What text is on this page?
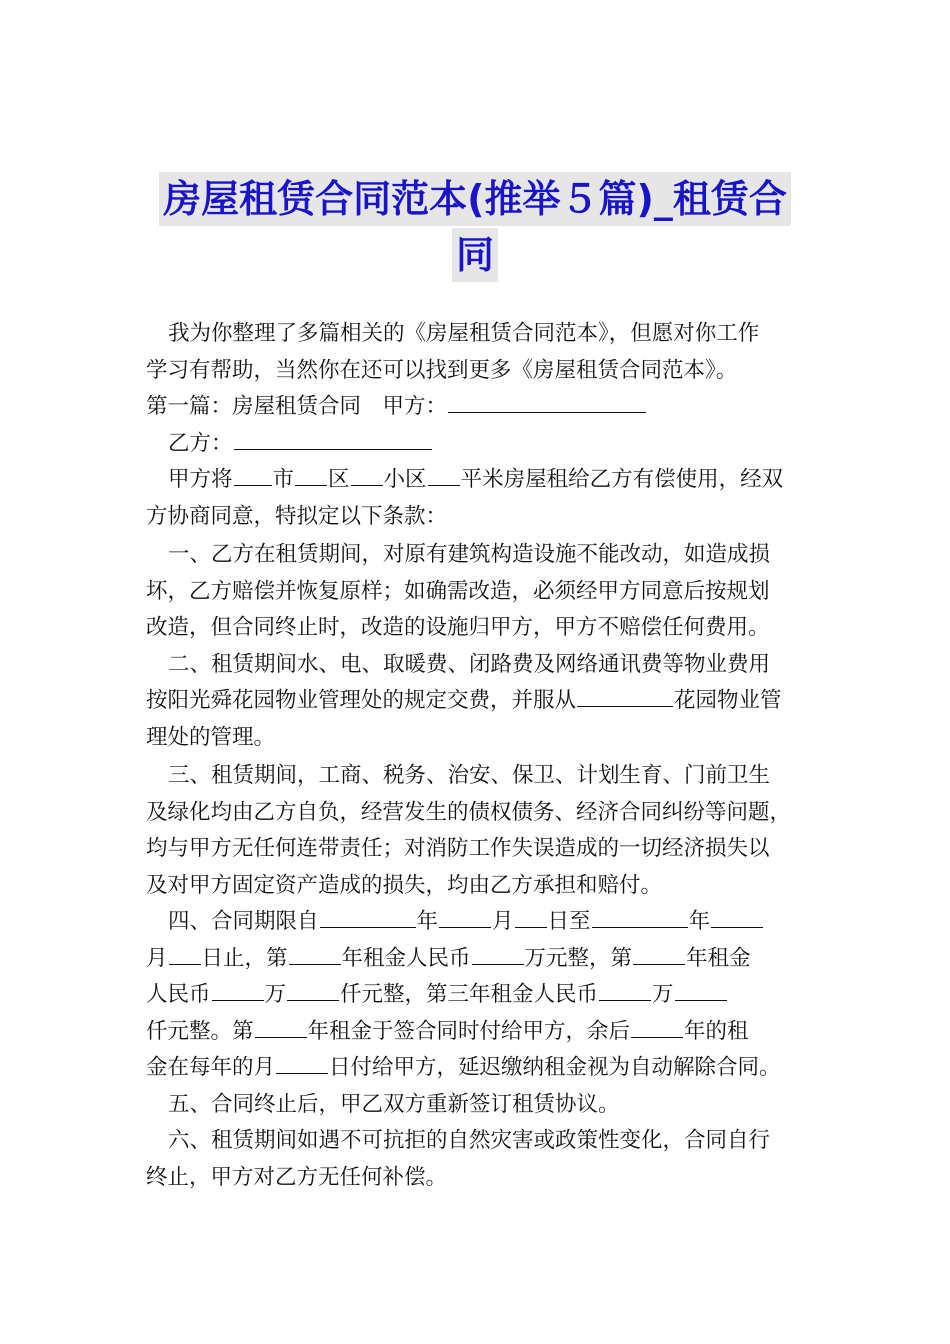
房屋租赁合同范本(推举５篇)_租赁合
同

我为你整理了多篇相关的《房屋租赁合同范本》，但愿对你工作

学习有帮助，当然你在还可以找到更多《房屋租赁合同范本》。

第一篇：房屋租赁合同　甲方：

乙方：

甲方将 市 区 小区 平米房屋租给乙方有偿使用，经双

方协商同意，特拟定以下条款：

一、乙方在租赁期间，对原有建筑构造设施不能改动，如造成损

坏，乙方赔偿并恢复原样；如确需改造，必须经甲方同意后按规划

改造，但合同终止时，改造的设施归甲方，甲方不赔偿任何费用。

二、租赁期间水、电、取暖费、闭路费及网络通讯费等物业费用

按阳光舜花园物业管理处的规定交费，并服从	花园物业管

理处的管理。

三、租赁期间，工商、税务、治安、保卫、计划生育、门前卫生

及绿化均由乙方自负，经营发生的债权债务、经济合同纠纷等问题，

均与甲方无任何连带责任；对消防工作失误造成的一切经济损失以

及对甲方固定资产造成的损失，均由乙方承担和赔付。

四、合同期限自	年	月 日至	年

月 日止，第	年租金人民币	万元整，第	年租金

人民币	万	仟元整，第三年租金人民币	万

仟元整。第	年租金于签合同时付给甲方，余后	年的租

金在每年的月	日付给甲方，延迟缴纳租金视为自动解除合同。

五、合同终止后，甲乙双方重新签订租赁协议。

六、租赁期间如遇不可抗拒的自然灾害或政策性变化，合同自行

终止，甲方对乙方无任何补偿。
